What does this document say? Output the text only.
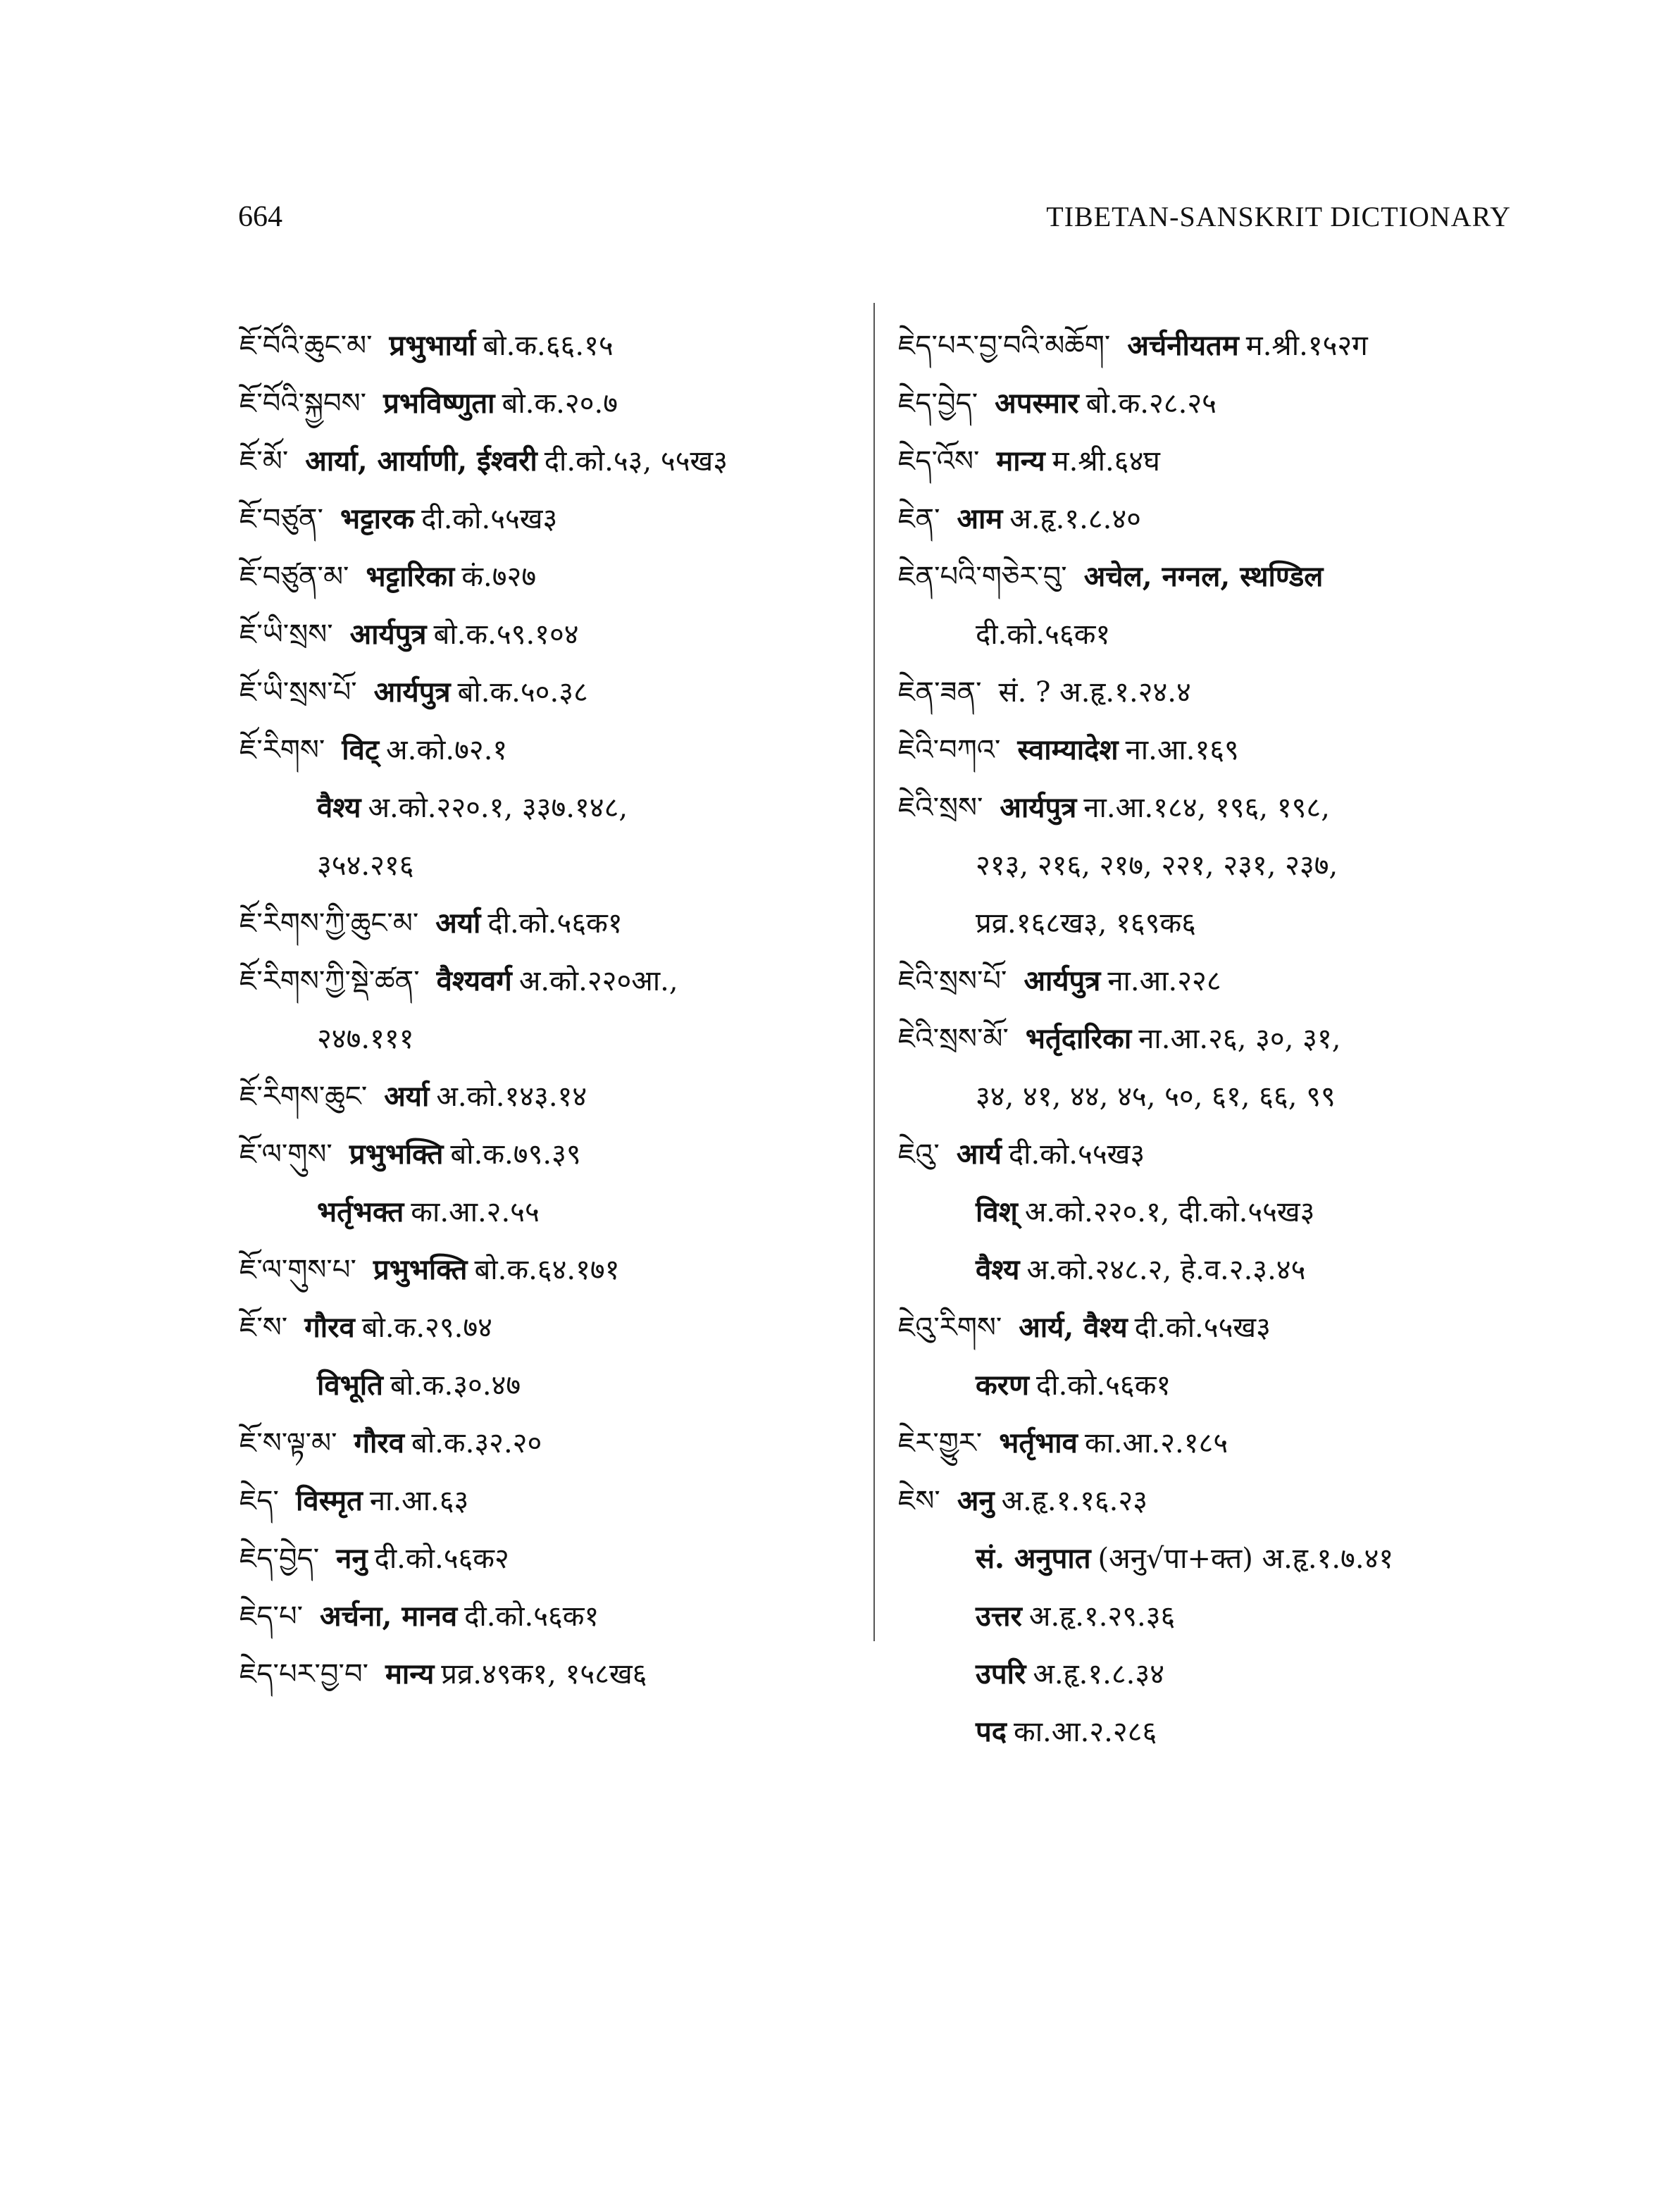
664	TIBETAN-SANSKRIT DICTIONARY
ཇོ་བོའི་ཆུང་མ་ प्रभुभार्या बो.क.६६.१५
ཇོ་བོའི་སྐྱབས་ प्रभविष्णुता बो.क.२०.७
ཇོ་མོ་ आर्या, आर्याणी, ईश्वरी दी.को.५३, ५५ख३
ཇོ་བཙུན་ भट्टारक दी.को.५५ख३
ཇོ་བཙུན་མ་ भट्टारिका कं.७२७
ཇོ་ཡི་སྲས་ आर्यपुत्र बो.क.५९.१०४
ཇོ་ཡི་སྲས་པོ་ आर्यपुत्र बो.क.५०.३८
ཇོ་རིགས་ विट् अ.को.७२.१
वैश्य अ.को.२२०.१, ३३७.१४८,
३५४.२१६
ཇོ་རིགས་ཀྱི་ཆུང་མ་ अर्या दी.को.५६क१
ཇོ་རིགས་ཀྱི་སྡེ་ཚན་ वैश्यवर्ग अ.को.२२०आ.,
२४७.१११
ཇོ་རིགས་ཆུང་ अर्या अ.को.१४३.१४
ཇོ་ལ་གུས་ प्रभुभक्ति बो.क.७९.३९
भर्तृभक्त का.आ.२.५५
ཇོ་ལ་གུས་པ་ प्रभुभक्ति बो.क.६४.१७१
ཇོ་ས་ गौरव बो.क.२९.७४
विभूति बो.क.३०.४७
ཇོ་ས་ལྟ་མ་ गौरव बो.क.३२.२०
ཇེད་ विस्मृत ना.आ.६३
ཇེད་བྱེད་ ननु दी.को.५६क२
ཇེད་པ་ अर्चना, मानव दी.को.५६क१
ཇེད་པར་བྱ་བ་ मान्य प्रव्र.४९क१, १५८ख६
ཇེད་པར་བྱ་བའི་མཆོག་ अर्चनीयतम म.श्री.१५२ग
ཇེད་བྱེད་ अपस्मार बो.क.२८.२५
ཇེད་འོས་ मान्य म.श्री.६४घ
ཇེན་ आम अ.हृ.१.८.४०
ཇེན་པའི་གཅེར་བུ་ अचेल, नग्नल, स्थण्डिल
दी.को.५६क१
ཇེན་ཟན་ सं. ? अ.हृ.१.२४.४
ཇེའི་བཀའ་ स्वाम्यादेश ना.आ.१६९
ཇེའི་སྲས་ आर्यपुत्र ना.आ.१८४, १९६, १९८,
२१३, २१६, २१७, २२१, २३१, २३७,
प्रव्र.१६८ख३, १६९क६
ཇེའི་སྲས་པོ་ आर्यपुत्र ना.आ.२२८
ཇེའི་སྲས་མོ་ भर्तृदारिका ना.आ.२६, ३०, ३१,
३४, ४१, ४४, ४५, ५०, ६१, ६६, ९९
ཇེའུ་ आर्य दी.को.५५ख३
विश् अ.को.२२०.१, दी.को.५५ख३
वैश्य अ.को.२४८.२, हे.व.२.३.४५
ཇེའུ་རིགས་ आर्य, वैश्य दी.को.५५ख३
करण दी.को.५६क१
ཇེར་གྱུར་ भर्तृभाव का.आ.२.१८५
ཇེས་ अनु अ.हृ.१.१६.२३
सं. अनुपात (अनु√पा+क्त) अ.हृ.१.७.४१
उत्तर अ.हृ.१.२९.३६
उपरि अ.हृ.१.८.३४
पद का.आ.२.२८६
